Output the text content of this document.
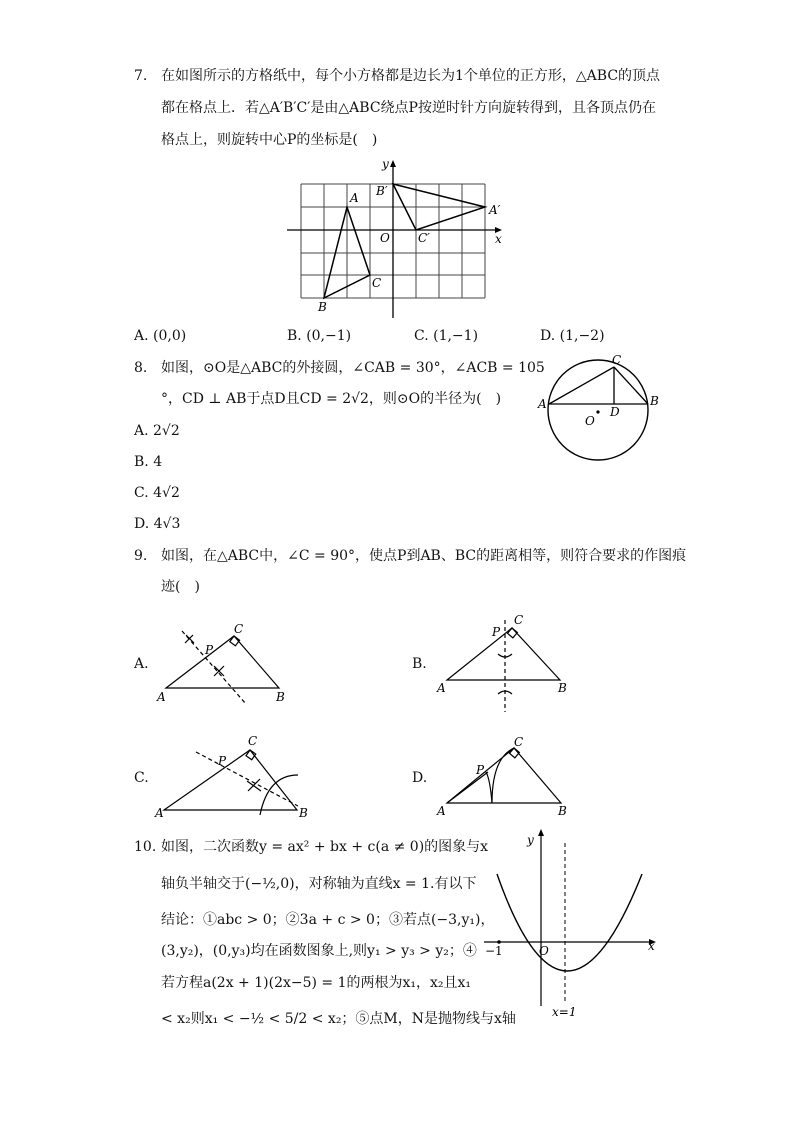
7. 在如图所示的方格纸中，每个小方格都是边长为1个单位的正方形，△ABC的顶点
都在格点上．若△A′B′C′是由△ABC绕点P按逆时针方向旋转得到，且各顶点仍在
格点上，则旋转中心P的坐标是(　)
A
B
C
A′
B′
C′
O	x
y
A. (0,0)	B. (0,−1)	C. (1,−1)	D. (1,−2)
8. 如图，⊙O是△ABC的外接圆，∠CAB = 30°，∠ACB = 105
°，CD ⊥ AB于点D且CD = 2√2，则⊙O的半径为(　)
A. 2√2
B. 4
C. 4√2
D. 4√3
C
A	B
D
O
9. 如图，在△ABC中，∠C = 90°，使点P到AB、BC的距离相等，则符合要求的作图痕
迹(　)
A.	B.
C.	D.
A	B
C
P
A	B
C
P
A	B
C
P
A	B
C
P
10. 如图，二次函数y = ax² + bx + c(a ≠ 0)的图象与x
轴负半轴交于(−½,0)，对称轴为直线x = 1.有以下
结论：①abc > 0；②3a + c > 0；③若点(−3,y₁)，
(3,y₂)，(0,y₃)均在函数图象上,则y₁ > y₃ > y₂；④
若方程a(2x + 1)(2x−5) = 1的两根为x₁，x₂且x₁
< x₂则x₁ < −½ < 5/2 < x₂；⑤点M，N是抛物线与x轴
y
x
O
−1
x=1
